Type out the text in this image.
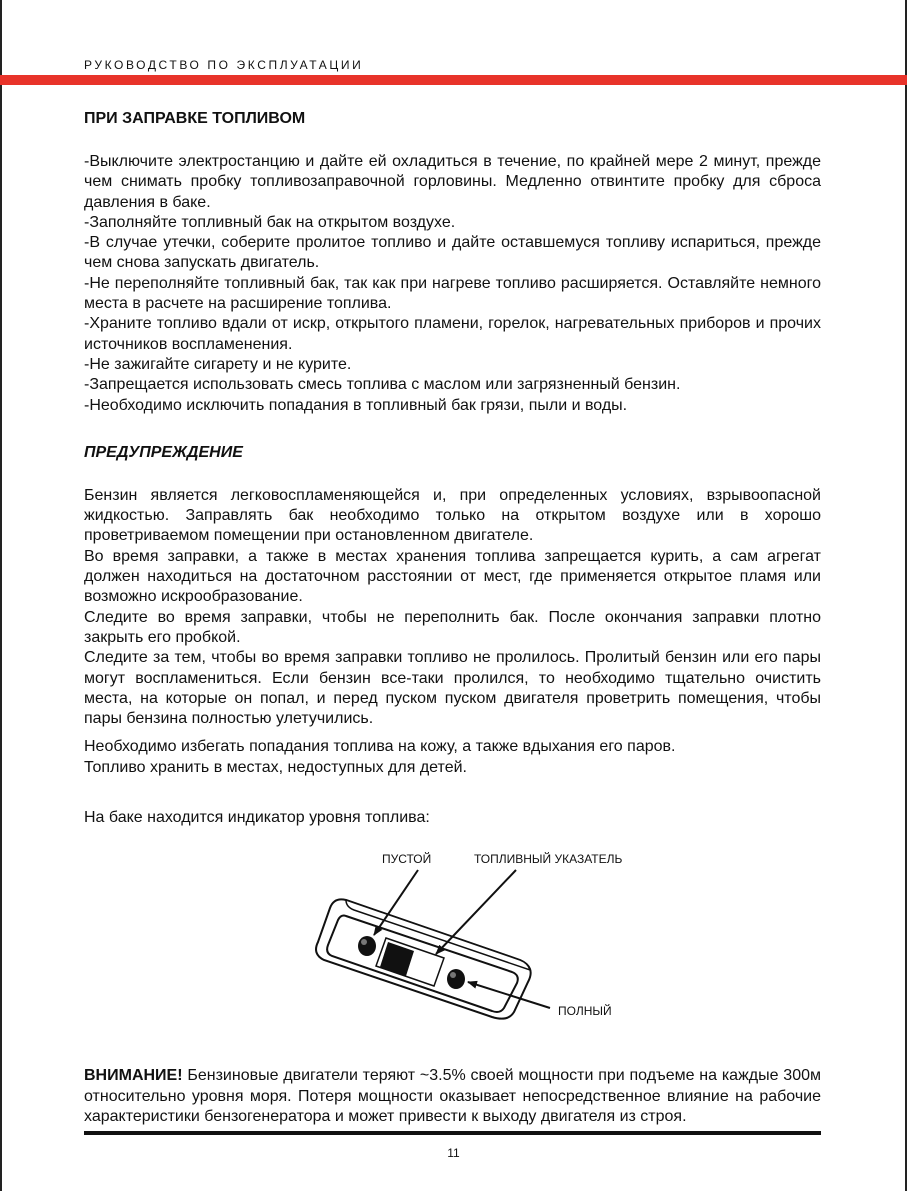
РУКОВОДСТВО ПО ЭКСПЛУАТАЦИИ
ПРИ ЗАПРАВКЕ ТОПЛИВОМ

-Выключите электростанцию и дайте ей охладиться в течение, по крайней мере 2 минут, прежде чем снимать пробку топливозаправочной горловины. Медленно отвинтите пробку для сброса давления в баке.

-Заполняйте топливный бак на открытом воздухе.

-В случае утечки, соберите пролитое топливо и дайте оставшемуся топливу испариться, прежде чем снова запускать двигатель.

-Не переполняйте топливный бак, так как при нагреве топливо расширяется. Оставляйте немного места в расчете на расширение топлива.

-Храните топливо вдали от искр, открытого пламени, горелок, нагревательных приборов и прочих источников воспламенения.

-Не зажигайте сигарету и не курите.

-Запрещается использовать смесь топлива с маслом или загрязненный бензин.

-Необходимо исключить попадания в топливный бак грязи, пыли и воды.

ПРЕДУПРЕЖДЕНИЕ

Бензин является легковоспламеняющейся и, при определенных условиях, взрывоопасной жидкостью. Заправлять бак необходимо только на открытом воздухе или в хорошо проветриваемом помещении при остановленном двигателе.

Во время заправки, а также в местах хранения топлива запрещается курить, а сам агрегат должен находиться на достаточном расстоянии от мест, где применяется открытое пламя или возможно искрообразование.

Следите во время заправки, чтобы не переполнить бак. После окончания заправки плотно закрыть его пробкой.

Следите за тем, чтобы во время заправки топливо не пролилось. Пролитый бензин или его пары могут воспламениться. Если бензин все-таки пролился, то необходимо тщательно очистить места, на которые он попал, и перед пуском пуском двигателя проветрить помещения, чтобы пары бензина полностью улетучились.

Необходимо избегать попадания топлива на кожу, а также вдыхания его паров.

Топливо хранить в местах, недоступных для детей.

На баке находится индикатор уровня топлива:

ПУСТОЙ	ТОПЛИВНЫЙ УКАЗАТЕЛЬ
ПОЛНЫЙ

ВНИМАНИЕ! Бензиновые двигатели теряют ~3.5% своей мощности при подъеме на каждые 300м относительно уровня моря. Потеря мощности оказывает непосредственное влияние на рабочие характеристики бензогенератора и может привести к выходу двигателя из строя.

11
